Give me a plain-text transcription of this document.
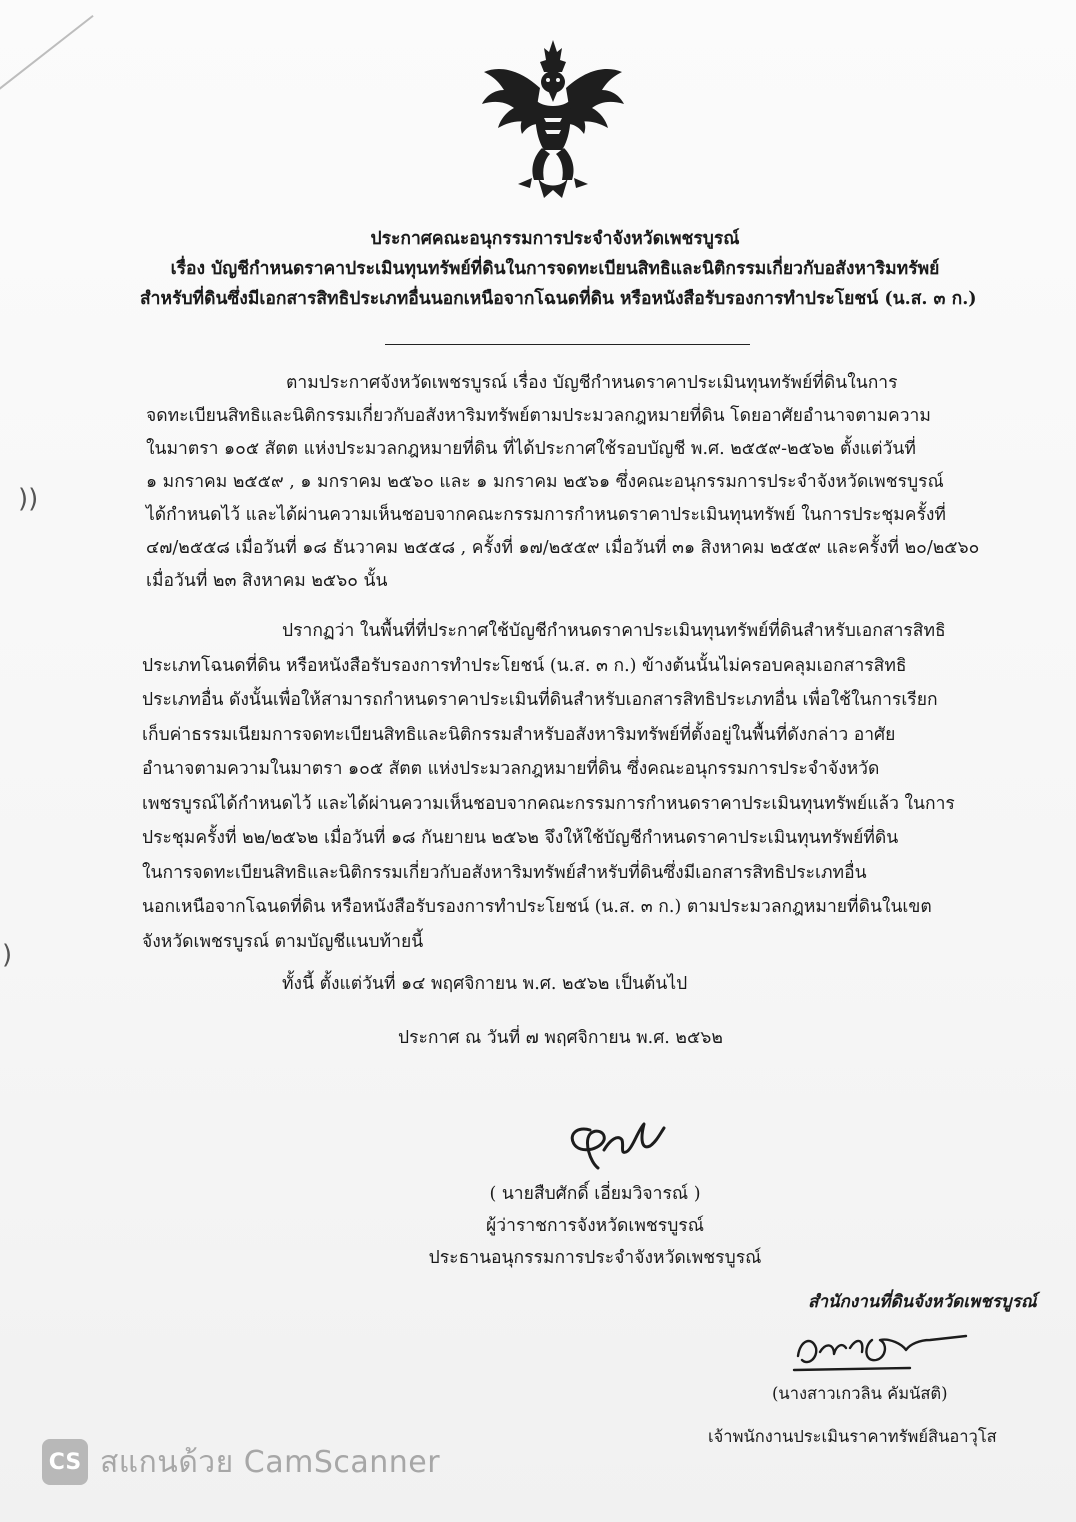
))
)
ประกาศคณะอนุกรรมการประจำจังหวัดเพชรบูรณ์
เรื่อง บัญชีกำหนดราคาประเมินทุนทรัพย์ที่ดินในการจดทะเบียนสิทธิและนิติกรรมเกี่ยวกับอสังหาริมทรัพย์
สำหรับที่ดินซึ่งมีเอกสารสิทธิประเภทอื่นนอกเหนือจากโฉนดที่ดิน หรือหนังสือรับรองการทำประโยชน์ (น.ส. ๓ ก.)
ตามประกาศจังหวัดเพชรบูรณ์ เรื่อง บัญชีกำหนดราคาประเมินทุนทรัพย์ที่ดินในการ
จดทะเบียนสิทธิและนิติกรรมเกี่ยวกับอสังหาริมทรัพย์ตามประมวลกฎหมายที่ดิน โดยอาศัยอำนาจตามความ
ในมาตรา ๑๐๕ สัตต แห่งประมวลกฎหมายที่ดิน ที่ได้ประกาศใช้รอบบัญชี พ.ศ. ๒๕๕๙-๒๕๖๒ ตั้งแต่วันที่
๑ มกราคม ๒๕๕๙ , ๑ มกราคม ๒๕๖๐ และ ๑ มกราคม ๒๕๖๑ ซึ่งคณะอนุกรรมการประจำจังหวัดเพชรบูรณ์
ได้กำหนดไว้ และได้ผ่านความเห็นชอบจากคณะกรรมการกำหนดราคาประเมินทุนทรัพย์ ในการประชุมครั้งที่
๔๗/๒๕๕๘ เมื่อวันที่ ๑๘ ธันวาคม ๒๕๕๘ , ครั้งที่ ๑๗/๒๕๕๙ เมื่อวันที่ ๓๑ สิงหาคม ๒๕๕๙ และครั้งที่ ๒๐/๒๕๖๐
เมื่อวันที่ ๒๓ สิงหาคม ๒๕๖๐ นั้น
ปรากฏว่า ในพื้นที่ที่ประกาศใช้บัญชีกำหนดราคาประเมินทุนทรัพย์ที่ดินสำหรับเอกสารสิทธิ
ประเภทโฉนดที่ดิน หรือหนังสือรับรองการทำประโยชน์ (น.ส. ๓ ก.) ข้างต้นนั้นไม่ครอบคลุมเอกสารสิทธิ
ประเภทอื่น ดังนั้นเพื่อให้สามารถกำหนดราคาประเมินที่ดินสำหรับเอกสารสิทธิประเภทอื่น เพื่อใช้ในการเรียก
เก็บค่าธรรมเนียมการจดทะเบียนสิทธิและนิติกรรมสำหรับอสังหาริมทรัพย์ที่ตั้งอยู่ในพื้นที่ดังกล่าว อาศัย
อำนาจตามความในมาตรา ๑๐๕ สัตต แห่งประมวลกฎหมายที่ดิน ซึ่งคณะอนุกรรมการประจำจังหวัด
เพชรบูรณ์ได้กำหนดไว้ และได้ผ่านความเห็นชอบจากคณะกรรมการกำหนดราคาประเมินทุนทรัพย์แล้ว ในการ
ประชุมครั้งที่ ๒๒/๒๕๖๒ เมื่อวันที่ ๑๘ กันยายน ๒๕๖๒ จึงให้ใช้บัญชีกำหนดราคาประเมินทุนทรัพย์ที่ดิน
ในการจดทะเบียนสิทธิและนิติกรรมเกี่ยวกับอสังหาริมทรัพย์สำหรับที่ดินซึ่งมีเอกสารสิทธิประเภทอื่น
นอกเหนือจากโฉนดที่ดิน หรือหนังสือรับรองการทำประโยชน์ (น.ส. ๓ ก.) ตามประมวลกฎหมายที่ดินในเขต
จังหวัดเพชรบูรณ์ ตามบัญชีแนบท้ายนี้
ทั้งนี้ ตั้งแต่วันที่ ๑๔ พฤศจิกายน พ.ศ. ๒๕๖๒ เป็นต้นไป
ประกาศ ณ วันที่ ๗ พฤศจิกายน พ.ศ. ๒๕๖๒
( นายสืบศักดิ์ เอี่ยมวิจารณ์ )
ผู้ว่าราชการจังหวัดเพชรบูรณ์
ประธานอนุกรรมการประจำจังหวัดเพชรบูรณ์
สำนักงานที่ดินจังหวัดเพชรบูรณ์
(นางสาวเกวลิน คัมนัสติ)
เจ้าพนักงานประเมินราคาทรัพย์สินอาวุโส
CS สแกนด้วย CamScanner
